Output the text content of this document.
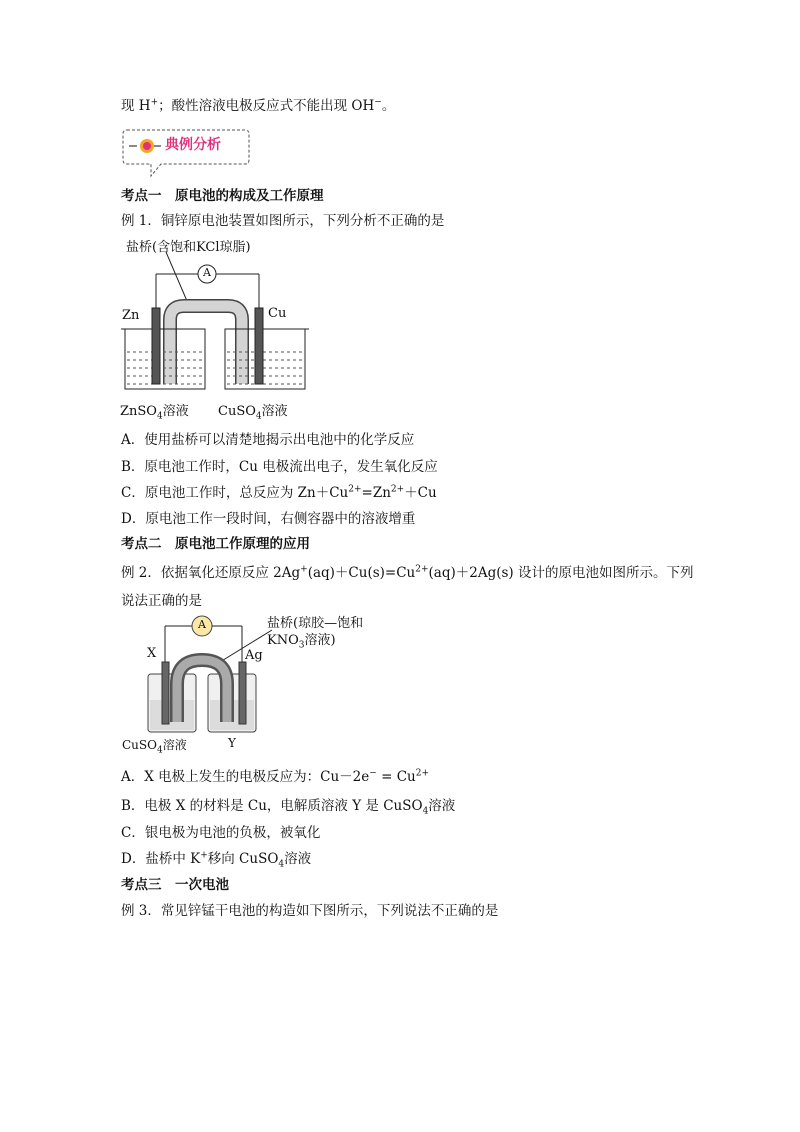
现 H+；酸性溶液电极反应式不能出现 OH−。
典例分析
考点一　原电池的构成及工作原理
例 1．铜锌原电池装置如图所示，下列分析不正确的是
盐桥(含饱和KCl琼脂)
A
Zn	Cu
ZnSO$_4$溶液 CuSO$_4$溶液
A．使用盐桥可以清楚地揭示出电池中的化学反应
B．原电池工作时，Cu 电极流出电子，发生氧化反应
C．原电池工作时，总反应为 $Zn+Cu^{2+}=Zn^{2+}+Cu$
D．原电池工作一段时间，右侧容器中的溶液增重
考点二　原电池工作原理的应用
例 2．依据氧化还原反应 $2Ag^+(aq)+Cu(s)=Cu^{2+}(aq)+2Ag(s)$ 设计的原电池如图所示。下列
说法正确的是
A
X	Ag
盐桥(琼胶—饱和
$KNO_3$溶液)
CuSO$_4$溶液	Y
A．X 电极上发生的电极反应为：$Cu-2e^- = Cu^{2+}$
B．电极 X 的材料是 Cu，电解质溶液 Y 是 CuSO$_4$溶液
C．银电极为电池的负极，被氧化
D．盐桥中 K+移向 CuSO$_4$溶液
考点三　一次电池
例 3．常见锌锰干电池的构造如下图所示，下列说法不正确的是
